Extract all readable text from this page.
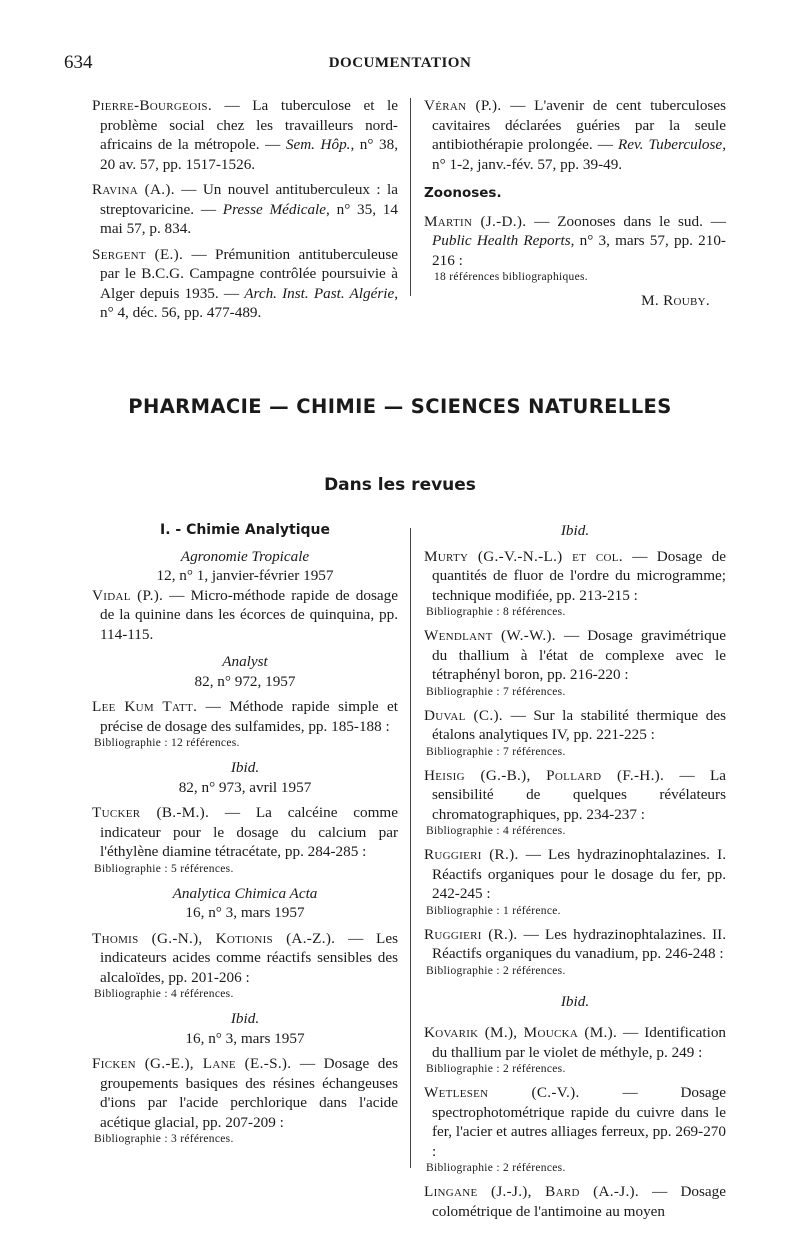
634	DOCUMENTATION

Pierre-Bourgeois. — La tuberculose et le problème social chez les travailleurs nord-africains de la métropole. — Sem. Hôp., n° 38, 20 av. 57, pp. 1517-1526.

Ravina (A.). — Un nouvel antituberculeux : la streptovaricine. — Presse Médicale, n° 35, 14 mai 57, p. 834.

Sergent (E.). — Prémunition antituberculeuse par le B.C.G. Campagne contrôlée poursuivie à Alger depuis 1935. — Arch. Inst. Past. Algérie, n° 4, déc. 56, pp. 477-489.

Véran (P.). — L'avenir de cent tuberculoses cavitaires déclarées guéries par la seule antibiothérapie prolongée. — Rev. Tuberculose, n° 1-2, janv.-fév. 57, pp. 39-49.

Zoonoses.

Martin (J.-D.). — Zoonoses dans le sud. — Public Health Reports, n° 3, mars 57, pp. 210-216 :

18 références bibliographiques.
M. Rouby.
PHARMACIE — CHIMIE — SCIENCES NATURELLES
Dans les revues
I. - Chimie Analytique
Agronomie Tropicale
12, n° 1, janvier-février 1957

Vidal (P.). — Micro-méthode rapide de dosage de la quinine dans les écorces de quinquina, pp. 114-115.

Analyst
82, n° 972, 1957

Lee Kum Tatt. — Méthode rapide simple et précise de dosage des sulfamides, pp. 185-188 :

Bibliographie : 12 références.
Ibid.
82, n° 973, avril 1957

Tucker (B.-M.). — La calcéine comme indicateur pour le dosage du calcium par l'éthylène diamine tétracétate, pp. 284-285 :

Bibliographie : 5 références.
Analytica Chimica Acta
16, n° 3, mars 1957

Thomis (G.-N.), Kotionis (A.-Z.). — Les indicateurs acides comme réactifs sensibles des alcaloïdes, pp. 201-206 :

Bibliographie : 4 références.
Ibid.
16, n° 3, mars 1957

Ficken (G.-E.), Lane (E.-S.). — Dosage des groupements basiques des résines échangeuses d'ions par l'acide perchlorique dans l'acide acétique glacial, pp. 207-209 :

Bibliographie : 3 références.
Ibid.

Murty (G.-V.-N.-L.) et col. — Dosage de quantités de fluor de l'ordre du microgramme; technique modifiée, pp. 213-215 :

Bibliographie : 8 références.

Wendlant (W.-W.). — Dosage gravimétrique du thallium à l'état de complexe avec le tétraphényl boron, pp. 216-220 :

Bibliographie : 7 références.

Duval (C.). — Sur la stabilité thermique des étalons analytiques IV, pp. 221-225 :

Bibliographie : 7 références.

Heisig (G.-B.), Pollard (F.-H.). — La sensibilité de quelques révélateurs chromatographiques, pp. 234-237 :

Bibliographie : 4 références.

Ruggieri (R.). — Les hydrazinophtalazines. I. Réactifs organiques pour le dosage du fer, pp. 242-245 :

Bibliographie : 1 référence.

Ruggieri (R.). — Les hydrazinophtalazines. II. Réactifs organiques du vanadium, pp. 246-248 :

Bibliographie : 2 références.
Ibid.

Kovarik (M.), Moucka (M.). — Identification du thallium par le violet de méthyle, p. 249 :

Bibliographie : 2 références.

Wetlesen (C.-V.). — Dosage spectrophotométrique rapide du cuivre dans le fer, l'acier et autres alliages ferreux, pp. 269-270 :

Bibliographie : 2 références.

Lingane (J.-J.), Bard (A.-J.). — Dosage colométrique de l'antimoine au moyen
